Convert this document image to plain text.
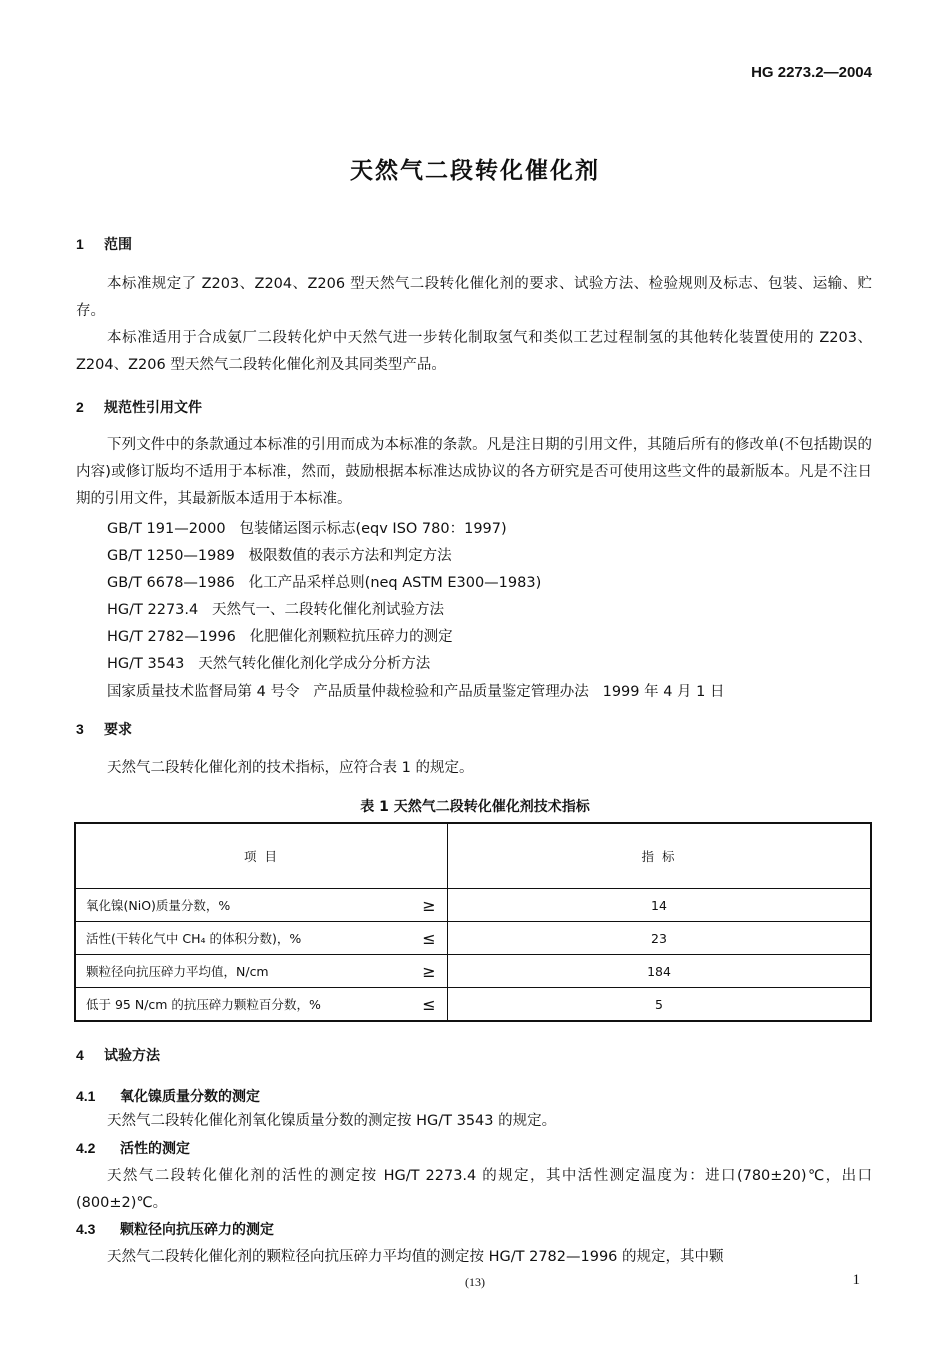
HG 2273.2—2004
天然气二段转化催化剂
1 范围

本标准规定了 Z203、Z204、Z206 型天然气二段转化催化剂的要求、试验方法、检验规则及标志、包装、运输、贮存。

本标准适用于合成氨厂二段转化炉中天然气进一步转化制取氢气和类似工艺过程制氢的其他转化装置使用的 Z203、Z204、Z206 型天然气二段转化催化剂及其同类型产品。

2 规范性引用文件

下列文件中的条款通过本标准的引用而成为本标准的条款。凡是注日期的引用文件，其随后所有的修改单(不包括勘误的内容)或修订版均不适用于本标准，然而，鼓励根据本标准达成协议的各方研究是否可使用这些文件的最新版本。凡是不注日期的引用文件，其最新版本适用于本标准。

GB/T 191—2000   包装储运图示标志(eqv ISO 780：1997)
GB/T 1250—1989   极限数值的表示方法和判定方法
GB/T 6678—1986   化工产品采样总则(neq ASTM E300—1983)
HG/T 2273.4   天然气一、二段转化催化剂试验方法
HG/T 2782—1996   化肥催化剂颗粒抗压碎力的测定
HG/T 3543   天然气转化催化剂化学成分分析方法
国家质量技术监督局第 4 号令   产品质量仲裁检验和产品质量鉴定管理办法   1999 年 4 月 1 日
3 要求

天然气二段转化催化剂的技术指标，应符合表 1 的规定。

表 1 天然气二段转化催化剂技术指标
项 目		指 标
氧化镍(NiO)质量分数，%	≥	14
活性(干转化气中 CH₄ 的体积分数)，%	≤	23
颗粒径向抗压碎力平均值，N/cm	≥	184
低于 95 N/cm 的抗压碎力颗粒百分数，%	≤	5
4 试验方法
4.1 氧化镍质量分数的测定

天然气二段转化催化剂氧化镍质量分数的测定按 HG/T 3543 的规定。

4.2 活性的测定

天然气二段转化催化剂的活性的测定按 HG/T 2273.4 的规定，其中活性测定温度为：进口(780±20)℃，出口(800±2)℃。

4.3 颗粒径向抗压碎力的测定

天然气二段转化催化剂的颗粒径向抗压碎力平均值的测定按 HG/T 2782—1996 的规定，其中颗

(13)	1
